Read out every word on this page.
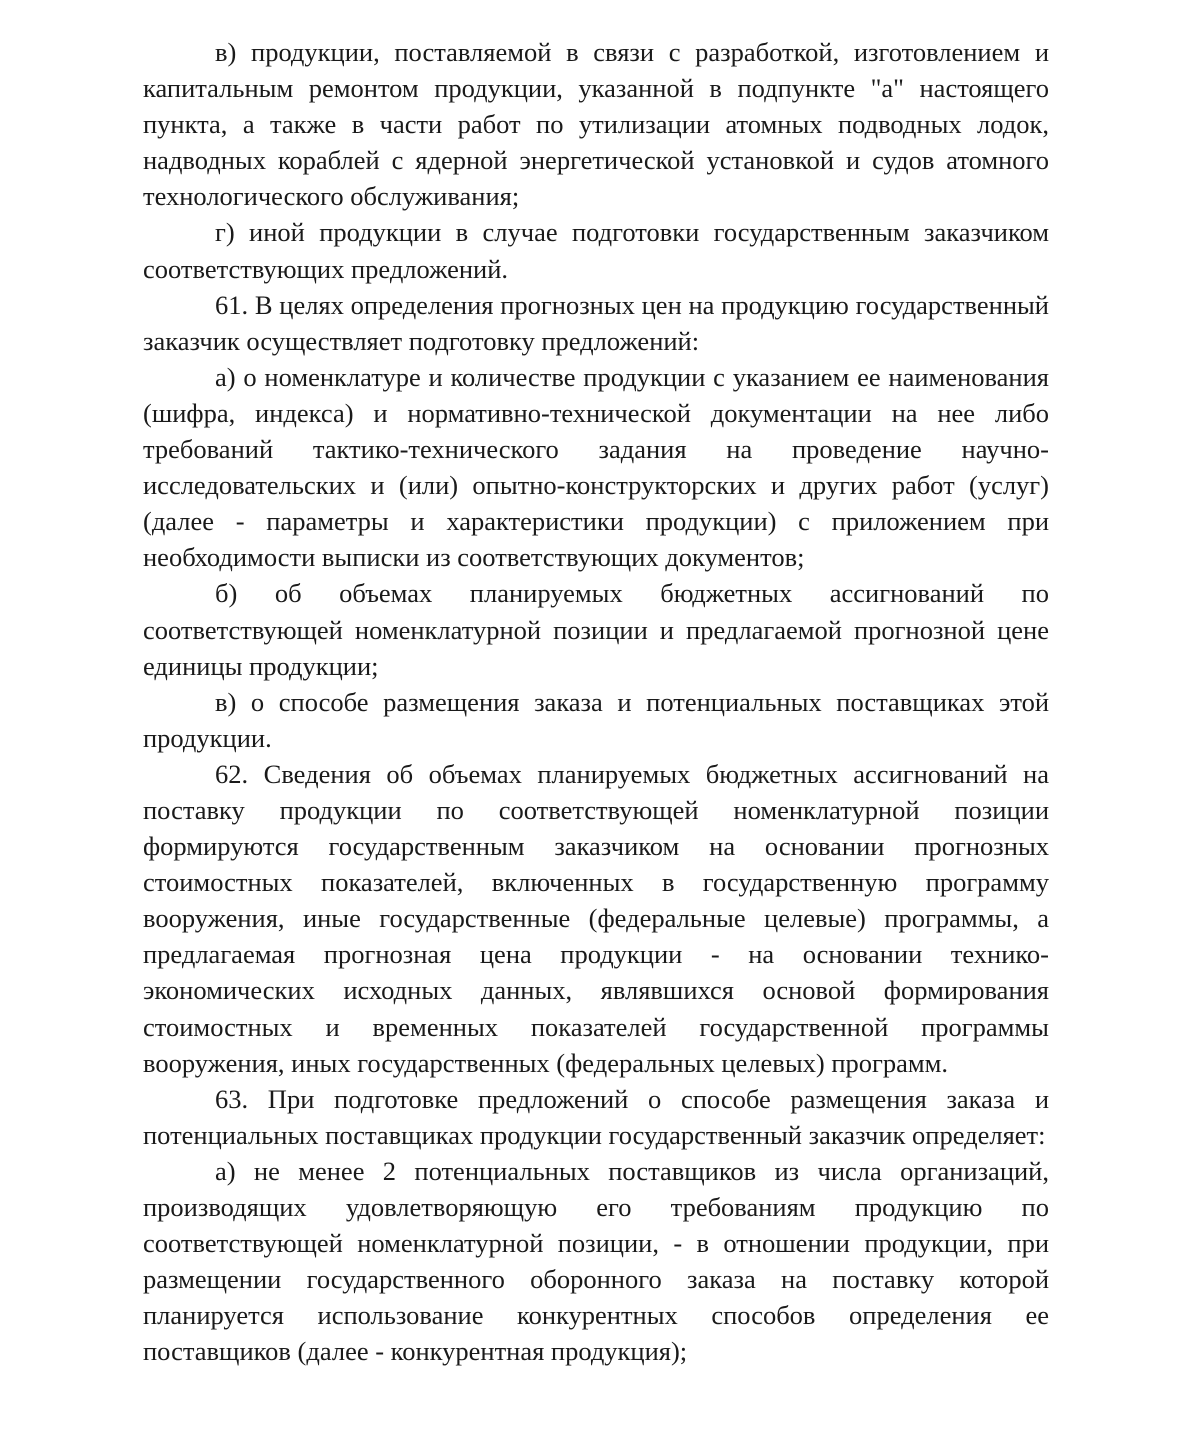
в) продукции, поставляемой в связи с разработкой, изготовлением и капитальным ремонтом продукции, указанной в подпункте "а" настоящего пункта, а также в части работ по утилизации атомных подводных лодок, надводных кораблей с ядерной энергетической установкой и судов атомного технологического обслуживания;

г) иной продукции в случае подготовки государственным заказчиком соответствующих предложений.

61. В целях определения прогнозных цен на продукцию государственный заказчик осуществляет подготовку предложений:

а) о номенклатуре и количестве продукции с указанием ее наименования (шифра, индекса) и нормативно-технической документации на нее либо требований тактико-технического задания на проведение научно-исследовательских и (или) опытно-конструкторских и других работ (услуг) (далее - параметры и характеристики продукции) с приложением при необходимости выписки из соответствующих документов;

б) об объемах планируемых бюджетных ассигнований по соответствующей номенклатурной позиции и предлагаемой прогнозной цене единицы продукции;

в) о способе размещения заказа и потенциальных поставщиках этой продукции.

62. Сведения об объемах планируемых бюджетных ассигнований на поставку продукции по соответствующей номенклатурной позиции формируются государственным заказчиком на основании прогнозных стоимостных показателей, включенных в государственную программу вооружения, иные государственные (федеральные целевые) программы, а предлагаемая прогнозная цена продукции - на основании технико-экономических исходных данных, являвшихся основой формирования стоимостных и временных показателей государственной программы вооружения, иных государственных (федеральных целевых) программ.

63. При подготовке предложений о способе размещения заказа и потенциальных поставщиках продукции государственный заказчик определяет:

а) не менее 2 потенциальных поставщиков из числа организаций, производящих удовлетворяющую его требованиям продукцию по соответствующей номенклатурной позиции, - в отношении продукции, при размещении государственного оборонного заказа на поставку которой планируется использование конкурентных способов определения ее поставщиков (далее - конкурентная продукция);
